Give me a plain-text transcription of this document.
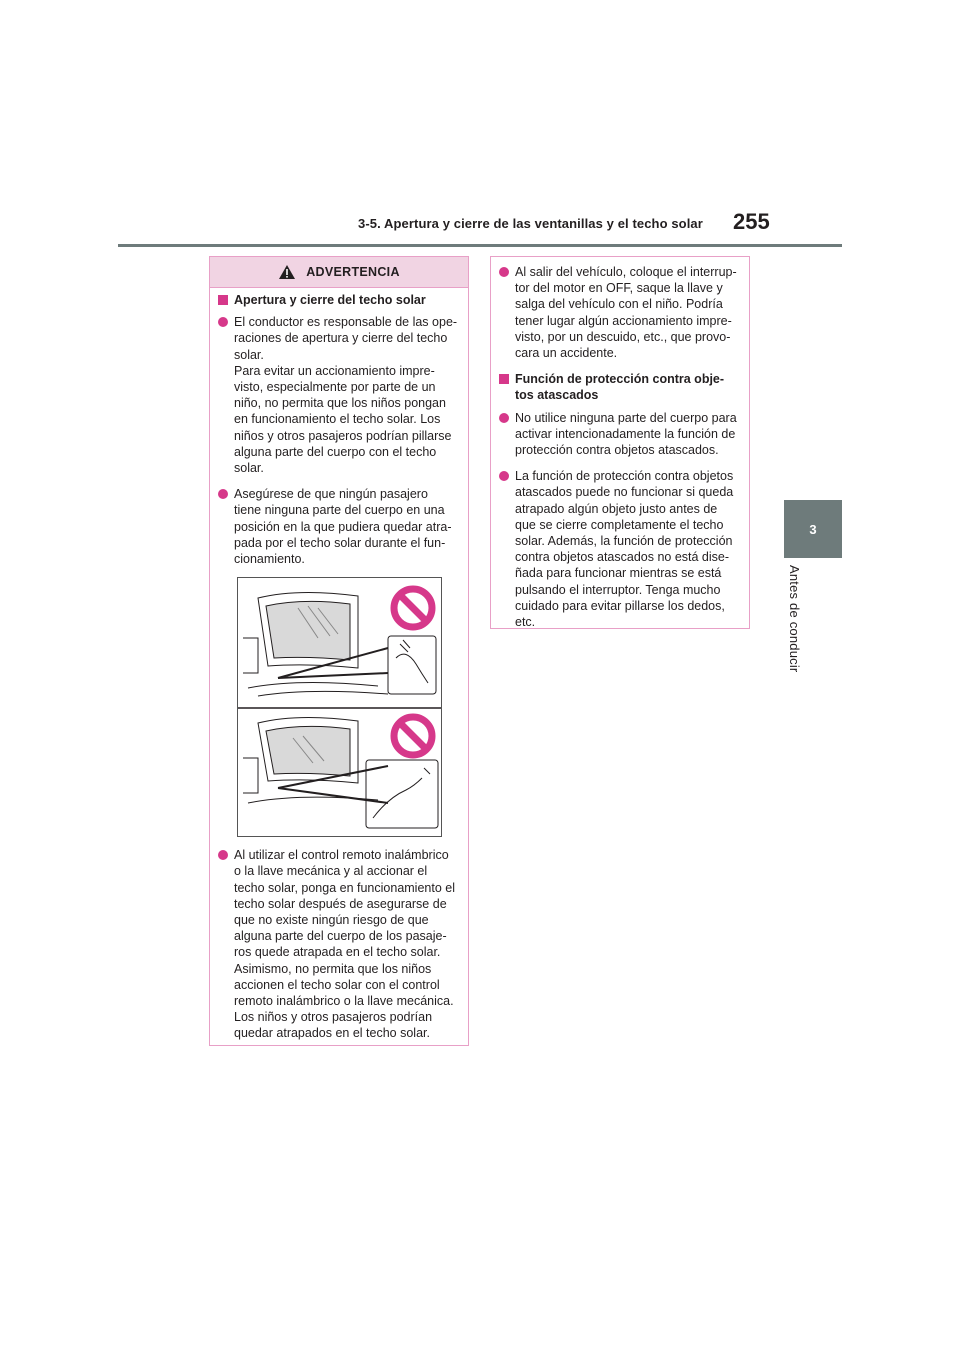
3-5. Apertura y cierre de las ventanillas y el techo solar 255
3
Antes de conducir
ADVERTENCIA
Apertura y cierre del techo solar
El conductor es responsable de las ope-
raciones de apertura y cierre del techo
solar.
Para evitar un accionamiento impre-
visto, especialmente por parte de un
niño, no permita que los niños pongan
en funcionamiento el techo solar. Los
niños y otros pasajeros podrían pillarse
alguna parte del cuerpo con el techo
solar.
Asegúrese de que ningún pasajero
tiene ninguna parte del cuerpo en una
posición en la que pudiera quedar atra-
pada por el techo solar durante el fun-
cionamiento.
Al utilizar el control remoto inalámbrico
o la llave mecánica y al accionar el
techo solar, ponga en funcionamiento el
techo solar después de asegurarse de
que no existe ningún riesgo de que
alguna parte del cuerpo de los pasaje-
ros quede atrapada en el techo solar.
Asimismo, no permita que los niños
accionen el techo solar con el control
remoto inalámbrico o la llave mecánica.
Los niños y otros pasajeros podrían
quedar atrapados en el techo solar.
Al salir del vehículo, coloque el interrup-
tor del motor en OFF, saque la llave y
salga del vehículo con el niño. Podría
tener lugar algún accionamiento impre-
visto, por un descuido, etc., que provo-
cara un accidente.
Función de protección contra obje-
tos atascados
No utilice ninguna parte del cuerpo para
activar intencionadamente la función de
protección contra objetos atascados.
La función de protección contra objetos
atascados puede no funcionar si queda
atrapado algún objeto justo antes de
que se cierre completamente el techo
solar. Además, la función de protección
contra objetos atascados no está dise-
ñada para funcionar mientras se está
pulsando el interruptor. Tenga mucho
cuidado para evitar pillarse los dedos,
etc.
